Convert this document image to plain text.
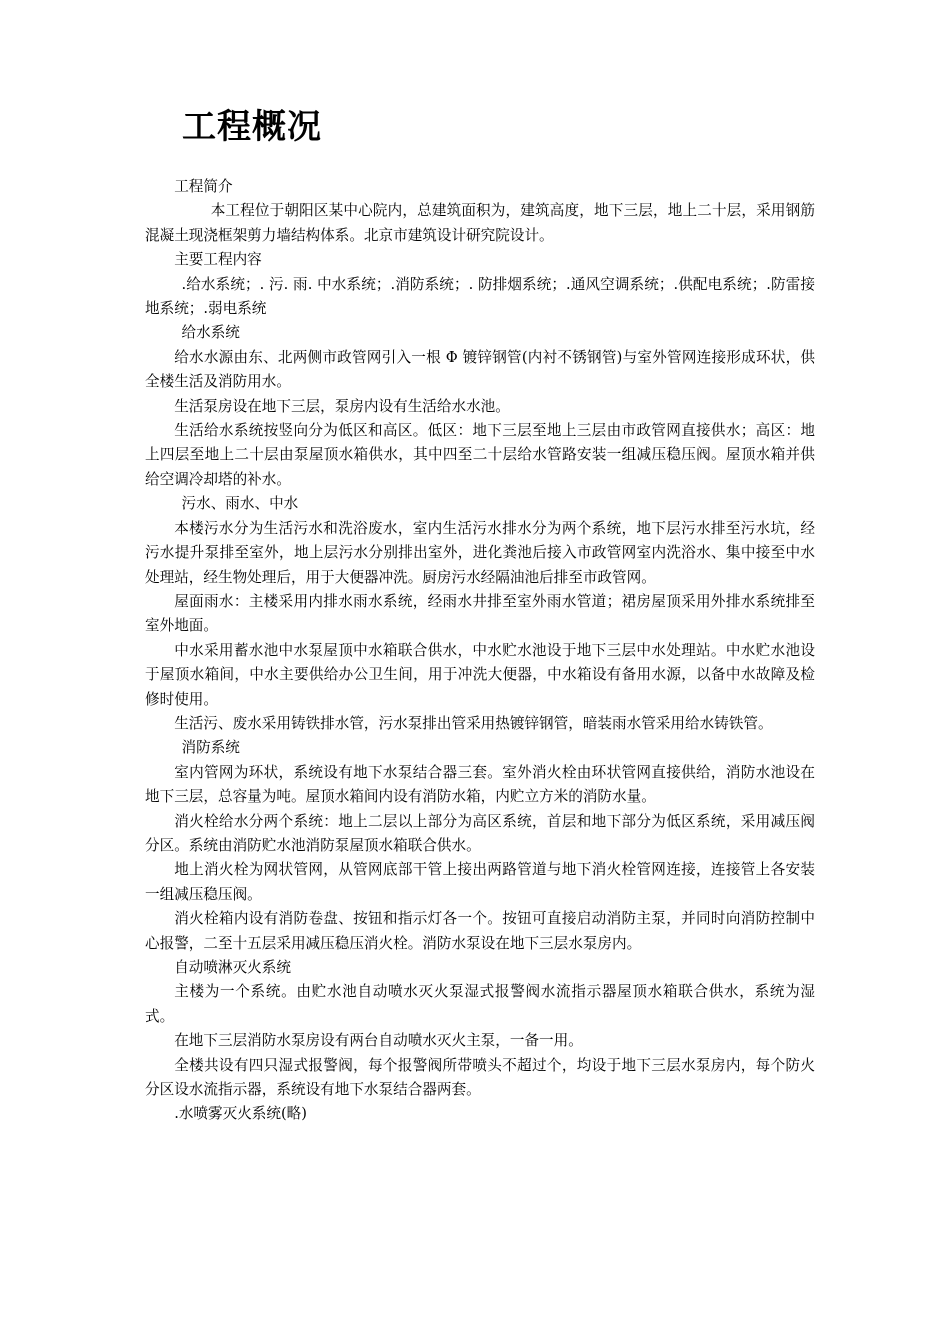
工程概况

工程简介

本工程位于朝阳区某中心院内，总建筑面积为，建筑高度，地下三层，地上二十层，采用钢筋混凝土现浇框架剪力墙结构体系。北京市建筑设计研究院设计。

主要工程内容

.给水系统；. 污. 雨. 中水系统；.消防系统；. 防排烟系统；.通风空调系统；.供配电系统；.防雷接地系统；.弱电系统

给水系统

给水水源由东、北两侧市政管网引入一根 Φ 镀锌钢管(内衬不锈钢管)与室外管网连接形成环状，供全楼生活及消防用水。

生活泵房设在地下三层，泵房内设有生活给水水池。

生活给水系统按竖向分为低区和高区。低区：地下三层至地上三层由市政管网直接供水；高区：地上四层至地上二十层由泵屋顶水箱供水，其中四至二十层给水管路安装一组减压稳压阀。屋顶水箱并供给空调冷却塔的补水。

污水、雨水、中水

本楼污水分为生活污水和洗浴废水，室内生活污水排水分为两个系统，地下层污水排至污水坑，经污水提升泵排至室外，地上层污水分别排出室外，进化粪池后接入市政管网室内洗浴水、集中接至中水处理站，经生物处理后，用于大便器冲洗。厨房污水经隔油池后排至市政管网。

屋面雨水：主楼采用内排水雨水系统，经雨水井排至室外雨水管道；裙房屋顶采用外排水系统排至室外地面。

中水采用蓄水池中水泵屋顶中水箱联合供水，中水贮水池设于地下三层中水处理站。中水贮水池设于屋顶水箱间，中水主要供给办公卫生间，用于冲洗大便器，中水箱设有备用水源，以备中水故障及检修时使用。

生活污、废水采用铸铁排水管，污水泵排出管采用热镀锌钢管，暗装雨水管采用给水铸铁管。

消防系统

室内管网为环状，系统设有地下水泵结合器三套。室外消火栓由环状管网直接供给，消防水池设在地下三层，总容量为吨。屋顶水箱间内设有消防水箱，内贮立方米的消防水量。

消火栓给水分两个系统：地上二层以上部分为高区系统，首层和地下部分为低区系统，采用减压阀分区。系统由消防贮水池消防泵屋顶水箱联合供水。

地上消火栓为网状管网，从管网底部干管上接出两路管道与地下消火栓管网连接，连接管上各安装一组减压稳压阀。

消火栓箱内设有消防卷盘、按钮和指示灯各一个。按钮可直接启动消防主泵，并同时向消防控制中心报警，二至十五层采用减压稳压消火栓。消防水泵设在地下三层水泵房内。

自动喷淋灭火系统

主楼为一个系统。由贮水池自动喷水灭火泵湿式报警阀水流指示器屋顶水箱联合供水，系统为湿式。

在地下三层消防水泵房设有两台自动喷水灭火主泵，一备一用。

全楼共设有四只湿式报警阀，每个报警阀所带喷头不超过个，均设于地下三层水泵房内，每个防火分区设水流指示器，系统设有地下水泵结合器两套。

.水喷雾灭火系统(略)
